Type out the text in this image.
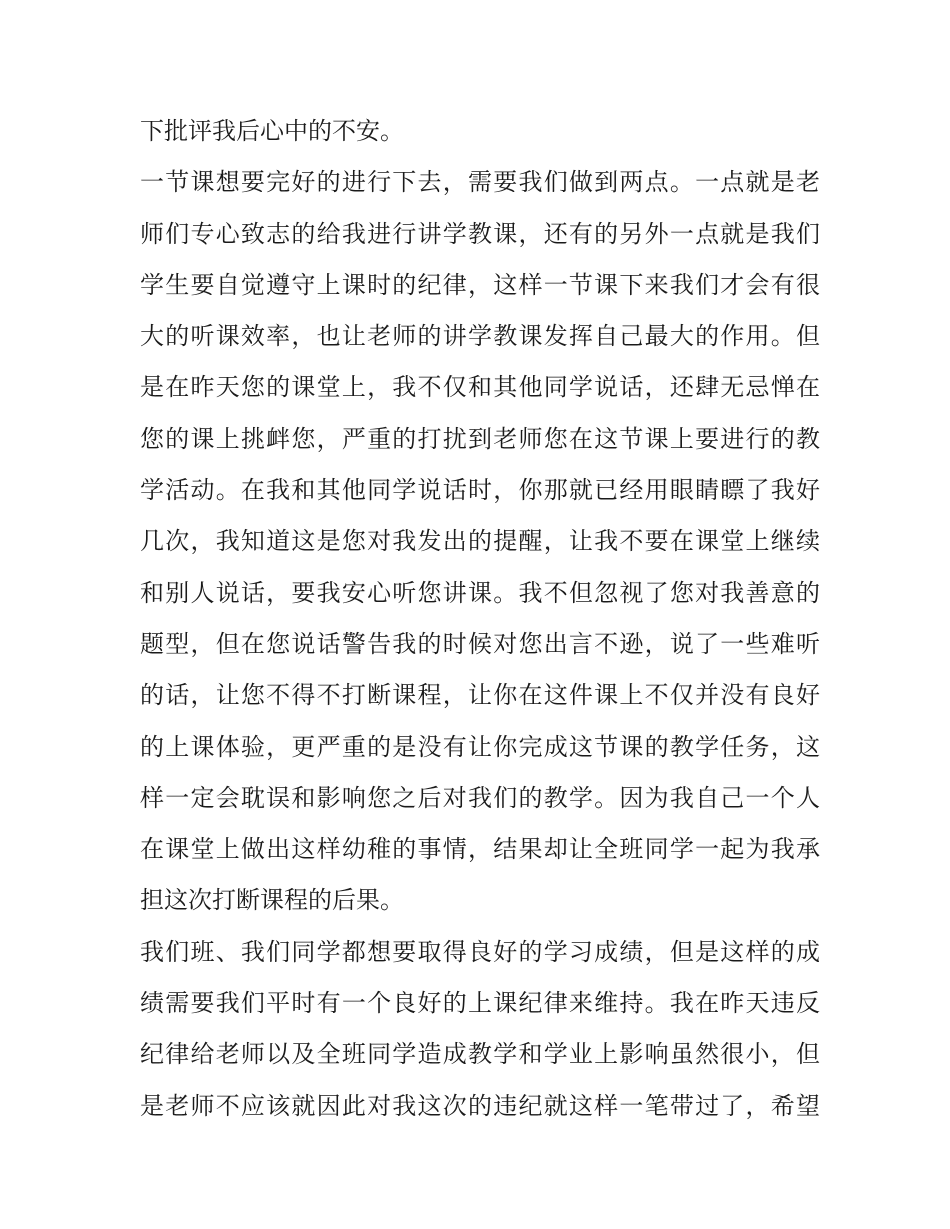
下批评我后心中的不安。
一节课想要完好的进行下去，需要我们做到两点。一点就是老
师们专心致志的给我进行讲学教课，还有的另外一点就是我们
学生要自觉遵守上课时的纪律，这样一节课下来我们才会有很
大的听课效率，也让老师的讲学教课发挥自己最大的作用。但
是在昨天您的课堂上，我不仅和其他同学说话，还肆无忌惮在
您的课上挑衅您，严重的打扰到老师您在这节课上要进行的教
学活动。在我和其他同学说话时，你那就已经用眼睛瞟了我好
几次，我知道这是您对我发出的提醒，让我不要在课堂上继续
和别人说话，要我安心听您讲课。我不但忽视了您对我善意的
题型，但在您说话警告我的时候对您出言不逊，说了一些难听
的话，让您不得不打断课程，让你在这件课上不仅并没有良好
的上课体验，更严重的是没有让你完成这节课的教学任务，这
样一定会耽误和影响您之后对我们的教学。因为我自己一个人
在课堂上做出这样幼稚的事情，结果却让全班同学一起为我承
担这次打断课程的后果。
我们班、我们同学都想要取得良好的学习成绩，但是这样的成
绩需要我们平时有一个良好的上课纪律来维持。我在昨天违反
纪律给老师以及全班同学造成教学和学业上影响虽然很小，但
是老师不应该就因此对我这次的违纪就这样一笔带过了，希望
